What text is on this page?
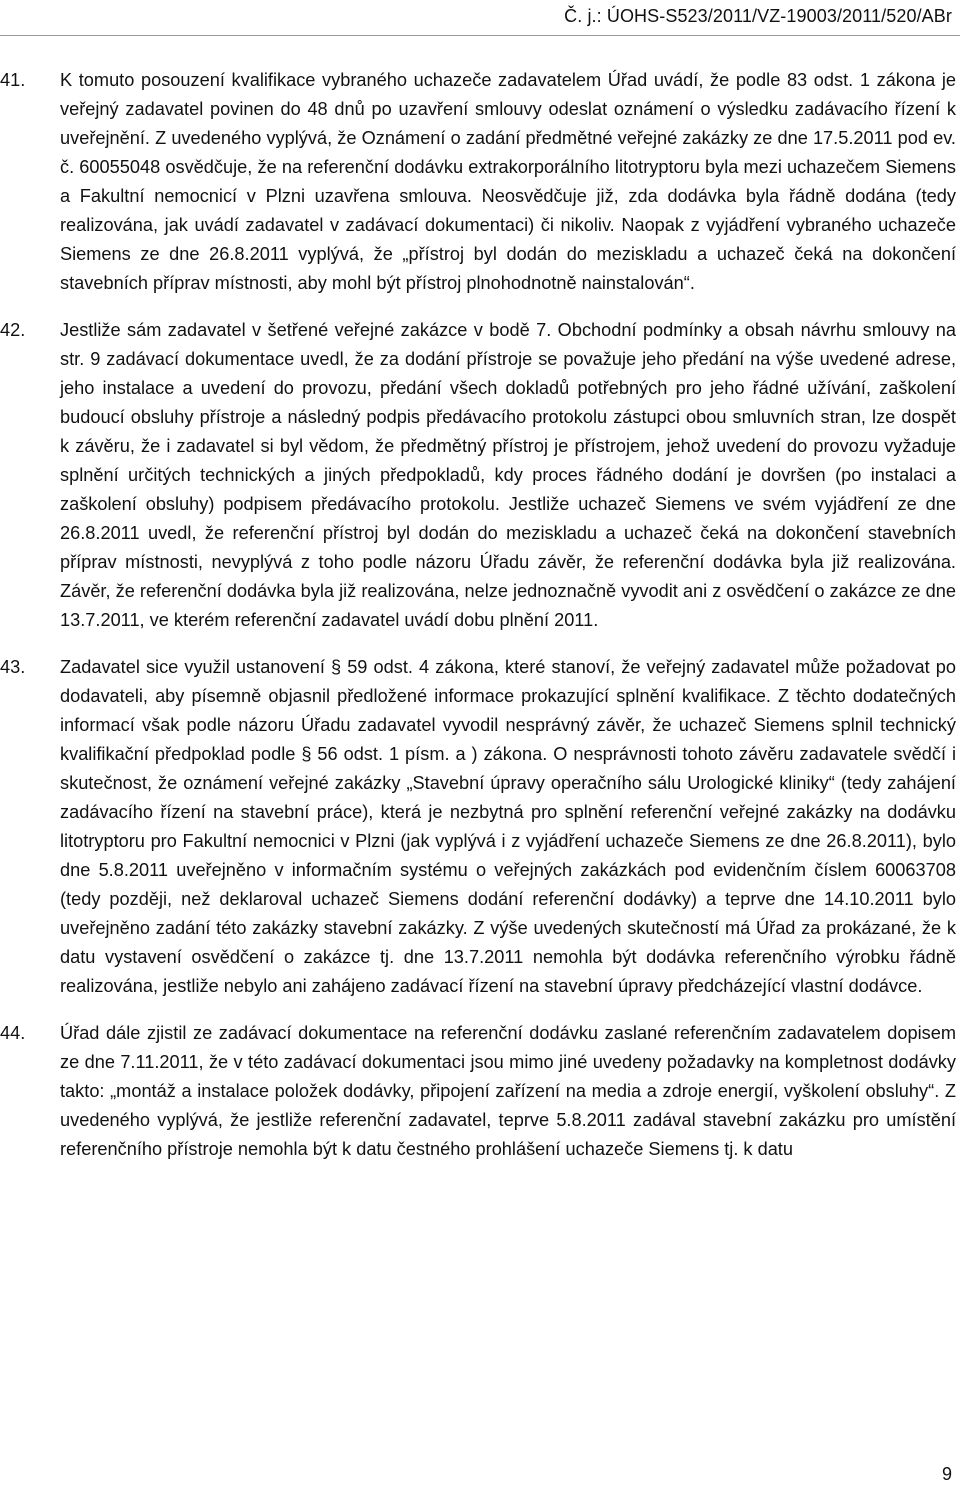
Č. j.: ÚOHS-S523/2011/VZ-19003/2011/520/ABr
41. K tomuto posouzení kvalifikace vybraného uchazeče zadavatelem Úřad uvádí, že podle 83 odst. 1 zákona je veřejný zadavatel povinen do 48 dnů po uzavření smlouvy odeslat oznámení o výsledku zadávacího řízení k uveřejnění. Z uvedeného vyplývá, že Oznámení o zadání předmětné veřejné zakázky ze dne 17.5.2011 pod ev. č. 60055048 osvědčuje, že na referenční dodávku extrakorporálního litotryptoru byla mezi uchazečem Siemens a Fakultní nemocnicí v Plzni uzavřena smlouva. Neosvědčuje již, zda dodávka byla řádně dodána (tedy realizována, jak uvádí zadavatel v zadávací dokumentaci) či nikoliv. Naopak z vyjádření vybraného uchazeče Siemens ze dne 26.8.2011 vyplývá, že „přístroj byl dodán do meziskladu a uchazeč čeká na dokončení stavebních příprav místnosti, aby mohl být přístroj plnohodnotně nainstalován“.
42. Jestliže sám zadavatel v šetřené veřejné zakázce v bodě 7. Obchodní podmínky a obsah návrhu smlouvy na str. 9 zadávací dokumentace uvedl, že za dodání přístroje se považuje jeho předání na výše uvedené adrese, jeho instalace a uvedení do provozu, předání všech dokladů potřebných pro jeho řádné užívání, zaškolení budoucí obsluhy přístroje a následný podpis předávacího protokolu zástupci obou smluvních stran, lze dospět k závěru, že i zadavatel si byl vědom, že předmětný přístroj je přístrojem, jehož uvedení do provozu vyžaduje splnění určitých technických a jiných předpokladů, kdy proces řádného dodání je dovršen (po instalaci a zaškolení obsluhy) podpisem předávacího protokolu. Jestliže uchazeč Siemens ve svém vyjádření ze dne 26.8.2011 uvedl, že referenční přístroj byl dodán do meziskladu a uchazeč čeká na dokončení stavebních příprav místnosti, nevyplývá z toho podle názoru Úřadu závěr, že referenční dodávka byla již realizována. Závěr, že referenční dodávka byla již realizována, nelze jednoznačně vyvodit ani z osvědčení o zakázce ze dne 13.7.2011, ve kterém referenční zadavatel uvádí dobu plnění 2011.
43. Zadavatel sice využil ustanovení § 59 odst. 4 zákona, které stanoví, že veřejný zadavatel může požadovat po dodavateli, aby písemně objasnil předložené informace prokazující splnění kvalifikace. Z těchto dodatečných informací však podle názoru Úřadu zadavatel vyvodil nesprávný závěr, že uchazeč Siemens splnil technický kvalifikační předpoklad podle § 56 odst. 1 písm. a ) zákona. O nesprávnosti tohoto závěru zadavatele svědčí i skutečnost, že oznámení veřejné zakázky „Stavební úpravy operačního sálu Urologické kliniky“ (tedy zahájení zadávacího řízení na stavební práce), která je nezbytná pro splnění referenční veřejné zakázky na dodávku litotryptoru pro Fakultní nemocnici v Plzni (jak vyplývá i z vyjádření uchazeče Siemens ze dne 26.8.2011), bylo dne 5.8.2011 uveřejněno v informačním systému o veřejných zakázkách pod evidenčním číslem 60063708 (tedy později, než deklaroval uchazeč Siemens dodání referenční dodávky) a teprve dne 14.10.2011 bylo uveřejněno zadání této zakázky stavební zakázky. Z výše uvedených skutečností má Úřad za prokázané, že k datu vystavení osvědčení o zakázce tj. dne 13.7.2011 nemohla být dodávka referenčního výrobku řádně realizována, jestliže nebylo ani zahájeno zadávací řízení na stavební úpravy předcházející vlastní dodávce.
44. Úřad dále zjistil ze zadávací dokumentace na referenční dodávku zaslané referenčním zadavatelem dopisem ze dne 7.11.2011, že v této zadávací dokumentaci jsou mimo jiné uvedeny požadavky na kompletnost dodávky takto: „montáž a instalace položek dodávky, připojení zařízení na media a zdroje energií, vyškolení obsluhy“. Z uvedeného vyplývá, že jestliže referenční zadavatel, teprve 5.8.2011 zadával stavební zakázku pro umístění referenčního přístroje nemohla být k datu čestného prohlášení uchazeče Siemens tj. k datu
9
